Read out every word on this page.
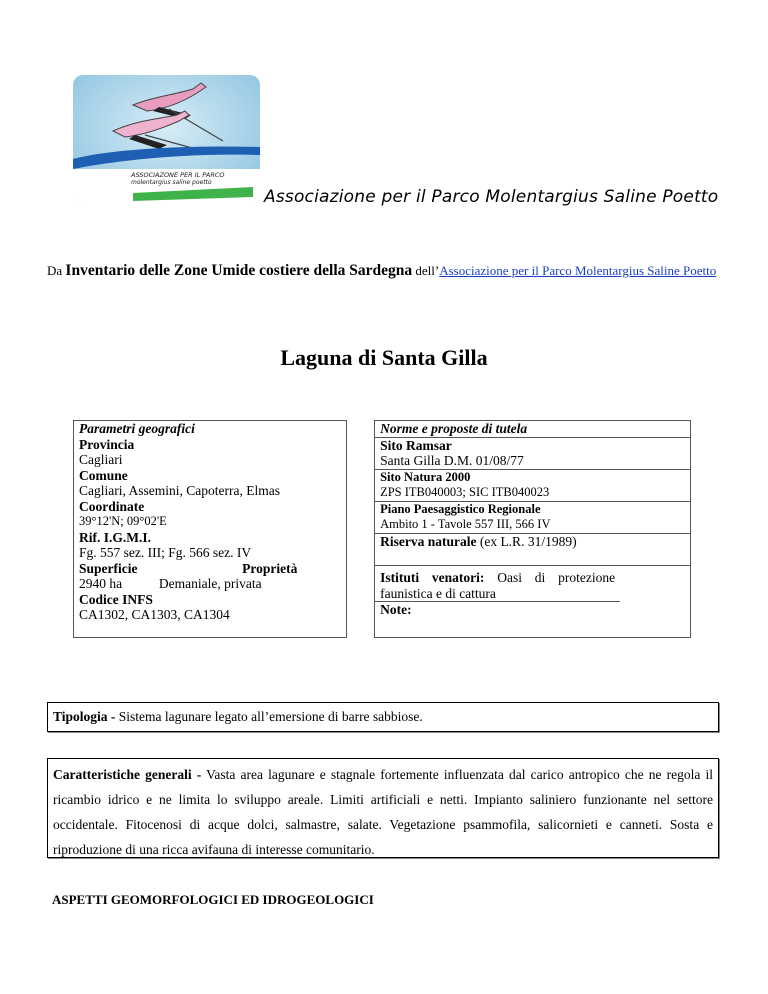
ASSOCIAZONE PER IL PARCO
molentargius saline poetto
Associazione per il Parco Molentargius Saline Poetto
Da Inventario delle Zone Umide costiere della Sardegna dell’Associazione per il Parco Molentargius Saline Poetto
Laguna di Santa Gilla
Parametri geografici
Provincia
Cagliari
Comune
Cagliari, Assemini, Capoterra, Elmas
Coordinate
39°12'N; 09°02'E
Rif. I.G.M.I.
Fg. 557 sez. III; Fg. 566 sez. IV
Superficie	Proprietà
2940 ha	Demaniale, privata
Codice INFS
CA1302, CA1303, CA1304

Norme e proposte di tutela
Sito Ramsar
Santa Gilla D.M. 01/08/77
Sito Natura 2000
ZPS ITB040003; SIC ITB040023
Piano Paesaggistico Regionale
Ambito 1 - Tavole 557 III, 566 IV
Riserva naturale (ex L.R. 31/1989)
Istituti venatori: Oasi di protezione faunistica e di cattura
Note:
Tipologia - Sistema lagunare legato all’emersione di barre sabbiose.
Caratteristiche generali - Vasta area lagunare e stagnale fortemente influenzata dal carico antropico che ne regola il ricambio idrico e ne limita lo sviluppo areale. Limiti artificiali e netti. Impianto saliniero funzionante nel settore occidentale. Fitocenosi di acque dolci, salmastre, salate. Vegetazione psammofila, salicornieti e canneti. Sosta e riproduzione di una ricca avifauna di interesse comunitario.
ASPETTI GEOMORFOLOGICI ED IDROGEOLOGICI
